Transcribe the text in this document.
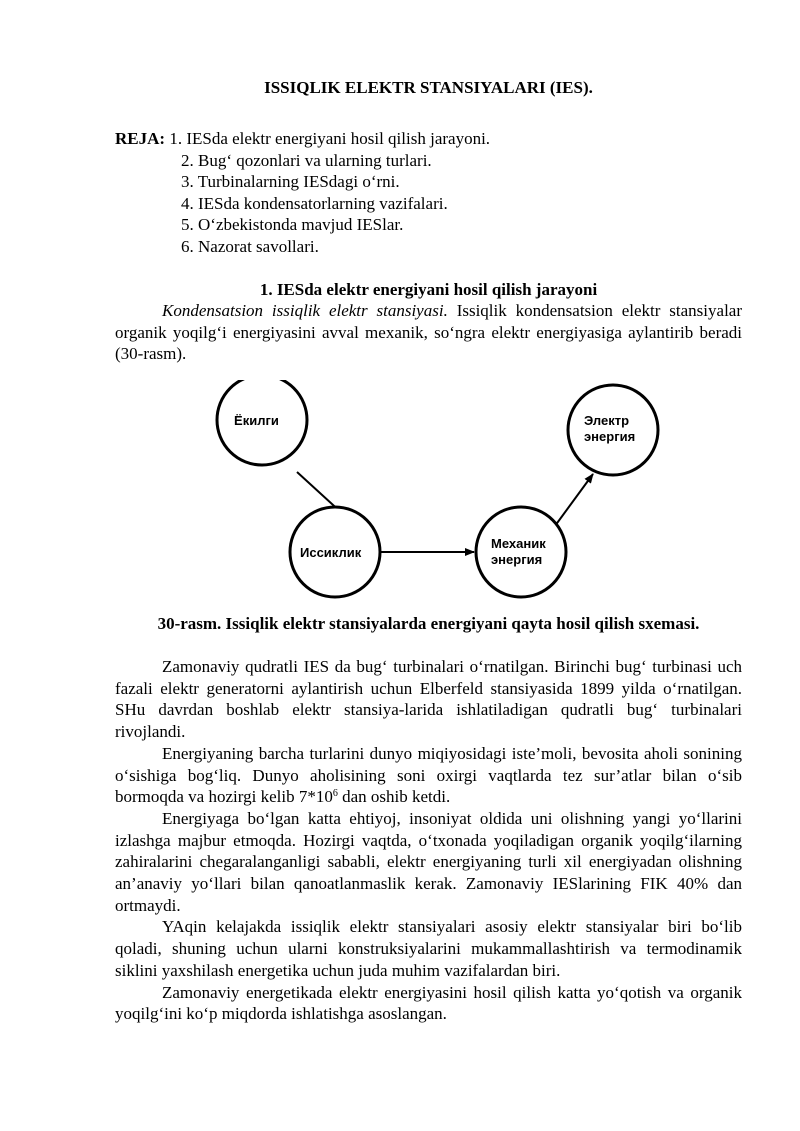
ISSIQLIK ELEKTR STANSIYALARI (IES).
REJA: 1. IESda elektr energiyani hosil qilish jarayoni.
2. Bug‘ qozonlari va ularning turlari.
3. Turbinalarning IESdagi o‘rni.
4. IESda kondensatorlarning vazifalari.
5. O‘zbekistonda mavjud IESlar.
6. Nazorat savollari.
1. IESda elektr energiyani hosil qilish jarayoni

Kondensatsion issiqlik elektr stansiyasi. Issiqlik kondensatsion elektr stansiyalar organik yoqilg‘i energiyasini avval mexanik, so‘ngra elektr energiyasiga aylantirib beradi (30-rasm).

Ёкилги
Иссиклик
Механик
энергия
Электр
энергия
30-rasm. Issiqlik elektr stansiyalarda energiyani qayta hosil qilish sxemasi.

Zamonaviy qudratli IES da bug‘ turbinalari o‘rnatilgan. Birinchi bug‘ turbinasi uch fazali elektr generatorni aylantirish uchun Elberfeld stansiyasida 1899 yilda o‘rnatilgan. SHu davrdan boshlab elektr stansiya-larida ishlatiladigan qudratli bug‘ turbinalari rivojlandi.

Energiyaning barcha turlarini dunyo miqiyosidagi iste’moli, bevosita aholi sonining o‘sishiga bog‘liq. Dunyo aholisining soni oxirgi vaqtlarda tez sur’atlar bilan o‘sib bormoqda va hozirgi kelib $7*10^6$ dan oshib ketdi.

Energiyaga bo‘lgan katta ehtiyoj, insoniyat oldida uni olishning yangi yo‘llarini izlashga majbur etmoqda. Hozirgi vaqtda, o‘txonada yoqiladigan organik yoqilg‘ilarning zahiralarini chegaralanganligi sababli, elektr energiyaning turli xil energiyadan olishning an’anaviy yo‘llari bilan qanoatlanmaslik kerak. Zamonaviy IESlarining FIK 40% dan ortmaydi.

YAqin kelajakda issiqlik elektr stansiyalari asosiy elektr stansiyalar biri bo‘lib qoladi, shuning uchun ularni konstruksiyalarini mukammallashtirish va termodinamik siklini yaxshilash energetika uchun juda muhim vazifalardan biri.

Zamonaviy energetikada elektr energiyasini hosil qilish katta yo‘qotish va organik yoqilg‘ini ko‘p miqdorda ishlatishga asoslangan.
